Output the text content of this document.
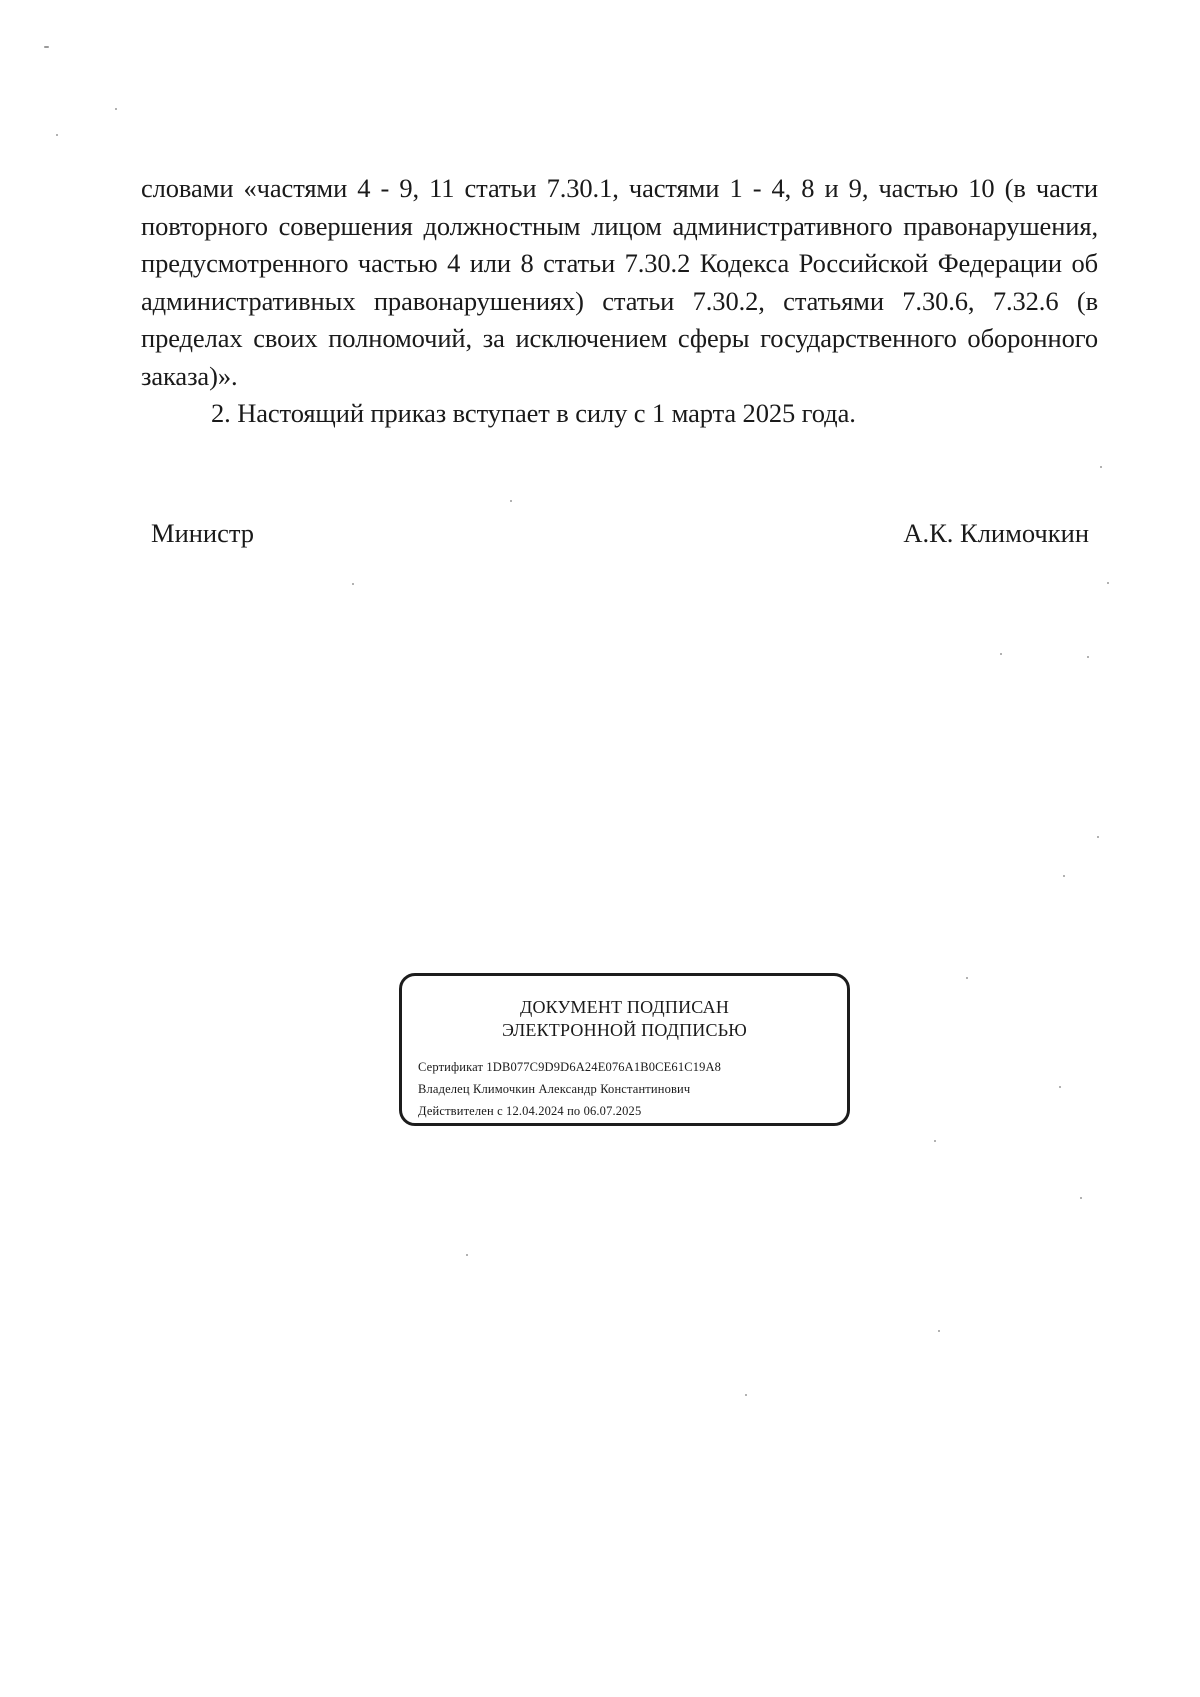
словами «частями 4 - 9, 11 статьи 7.30.1, частями 1 - 4, 8 и 9, частью 10 (в части повторного совершения должностным лицом административного правонарушения, предусмотренного частью 4 или 8 статьи 7.30.2 Кодекса Российской Федерации об административных правонарушениях) статьи 7.30.2, статьями 7.30.6, 7.32.6 (в пределах своих полномочий, за исключением сферы государственного оборонного заказа)».

2. Настоящий приказ вступает в силу с 1 марта 2025 года.

Министр	А.К. Климочкин
ДОКУМЕНТ ПОДПИСАН
ЭЛЕКТРОННОЙ ПОДПИСЬЮ
Сертификат 1DB077C9D9D6A24E076A1B0CE61C19A8
Владелец Климочкин Александр Константинович
Действителен с 12.04.2024 по 06.07.2025
